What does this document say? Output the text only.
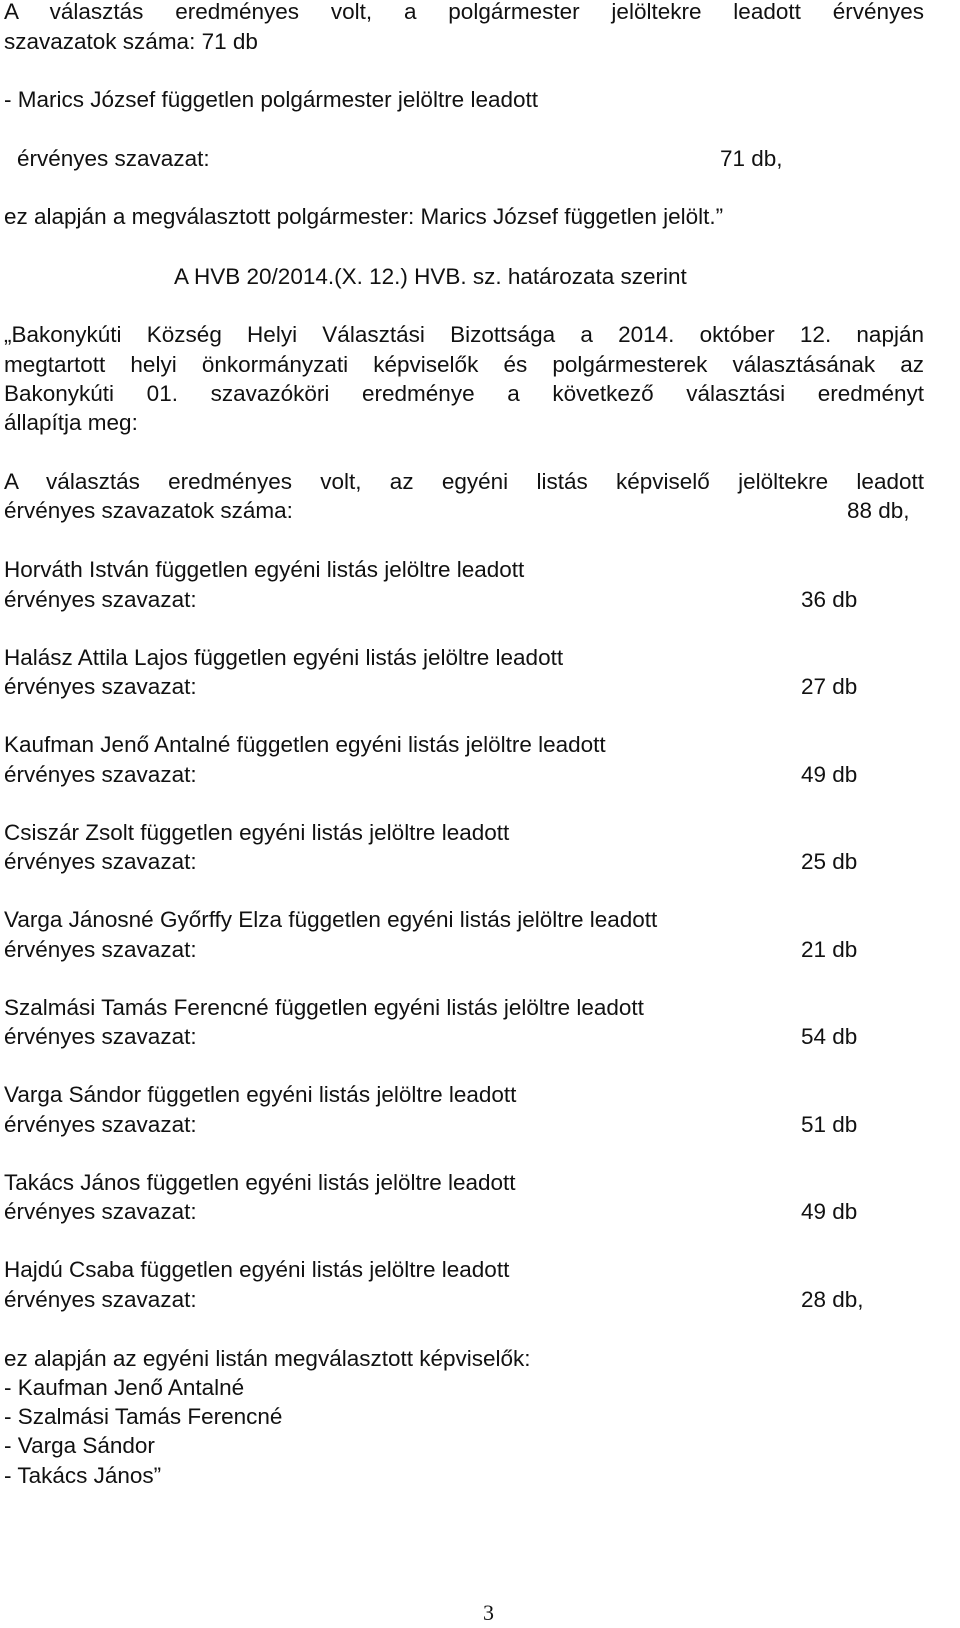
A választás eredményes volt, a polgármester jelöltekre leadott érvényes
szavazatok száma: 71 db
- Marics József független polgármester jelöltre leadott
érvényes szavazat:	71 db,
ez alapján a megválasztott polgármester: Marics József független jelölt.”
A HVB 20/2014.(X. 12.) HVB. sz. határozata szerint
„Bakonykúti Község Helyi Választási Bizottsága a 2014. október 12. napján
megtartott helyi önkormányzati képviselők és polgármesterek választásának az
Bakonykúti 01. szavazóköri eredménye a következő választási eredményt
állapítja meg:
A választás eredményes volt, az egyéni listás képviselő jelöltekre leadott
érvényes szavazatok száma:	88 db,
Horváth István független egyéni listás jelöltre leadott
érvényes szavazat:	36 db
Halász Attila Lajos független egyéni listás jelöltre leadott
érvényes szavazat:	27 db
Kaufman Jenő Antalné független egyéni listás jelöltre leadott
érvényes szavazat:	49 db
Csiszár Zsolt független egyéni listás jelöltre leadott
érvényes szavazat:	25 db
Varga Jánosné Győrffy Elza független egyéni listás jelöltre leadott
érvényes szavazat:	21 db
Szalmási Tamás Ferencné független egyéni listás jelöltre leadott
érvényes szavazat:	54 db
Varga Sándor független egyéni listás jelöltre leadott
érvényes szavazat:	51 db
Takács János független egyéni listás jelöltre leadott
érvényes szavazat:	49 db
Hajdú Csaba független egyéni listás jelöltre leadott
érvényes szavazat:	28 db,
ez alapján az egyéni listán megválasztott képviselők:
- Kaufman Jenő Antalné
- Szalmási Tamás Ferencné
- Varga Sándor
- Takács János”
3
